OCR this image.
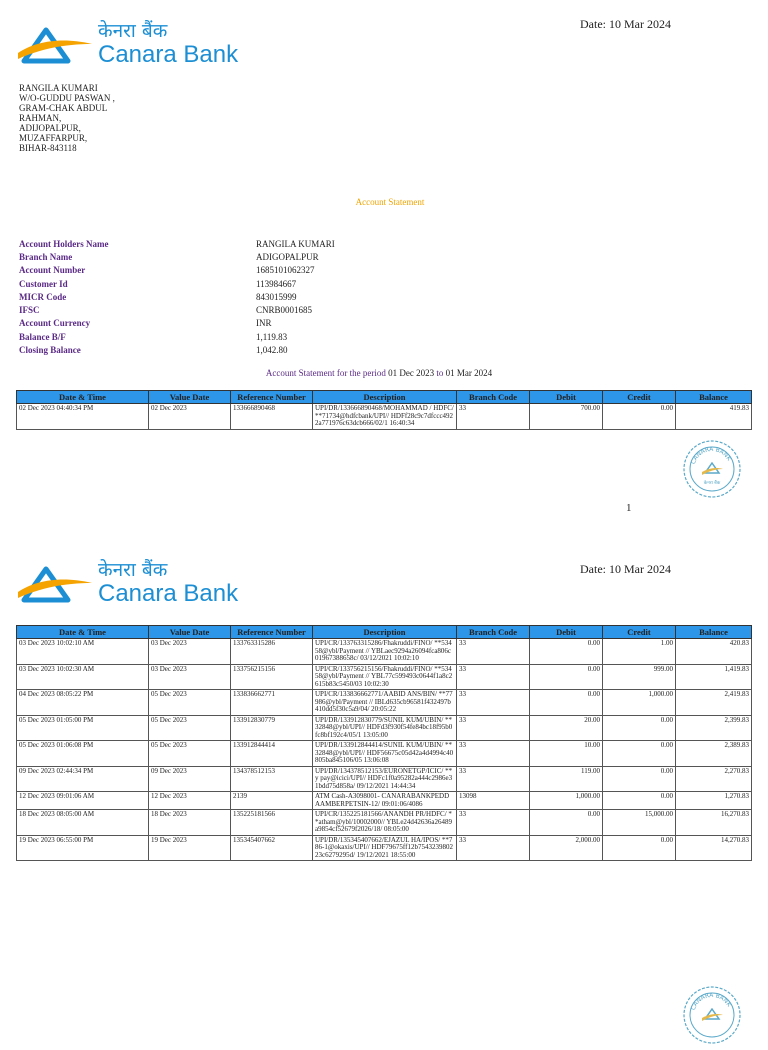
केनरा बैंक
Canara Bank
Date: 10 Mar 2024
RANGILA KUMARI
W/O-GUDDU PASWAN ,
GRAM-CHAK ABDUL
RAHMAN,
ADIJOPALPUR,
MUZAFFARPUR,
BIHAR-843118
Account Statement
Account Holders Name	RANGILA KUMARI
Branch Name	ADIGOPALPUR
Account Number	1685101062327
Customer Id	113984667
MICR Code	843015999
IFSC	CNRB0001685
Account Currency	INR
Balance B/F	1,119.83
Closing Balance	1,042.80
Account Statement for the period 01 Dec 2023 to 01 Mar 2024
Date & Time	Value Date	Reference Number	Description	Branch Code	Debit	Credit	Balance
02 Dec 2023 04:40:34 PM	02 Dec 2023	133666890468	UPI/DR/133666890468/MOHAMMAD / HDFC/**71734@hdfcbank/UPI// HDFf28c9c7dfccc4922a771976c63dcb666/02/1 16:40:34	33	700.00	0.00	419.83
CANARA BANK
केनरा बैंक
1
केनरा बैंक
Canara Bank
Date: 10 Mar 2024
Date & Time	Value Date	Reference Number	Description	Branch Code	Debit	Credit	Balance
03 Dec 2023 10:02:10 AM	03 Dec 2023	133763315286	UPI/CR/133763315286/Fhakruddi/FINO/ **53458@ybl/Payment // YBLaec9294a26094fca806c01967388658c/ 03/12/2021 10:02:10	33	0.00	1.00	420.83
03 Dec 2023 10:02:30 AM	03 Dec 2023	133756215156	UPI/CR/133756215156/Fhakruddi/FINO/ **53458@ybl/Payment // YBL77c599493c0644f1a8c2615b83c5450/03 10:02:30	33	0.00	999.00	1,419.83
04 Dec 2023 08:05:22 PM	05 Dec 2023	133836662771	UPI/CR/133836662771/AABID ANS/BIN/ **77986@ybl/Payment // IBLd635cb96581f432497b410dd5f30c5a9/04/ 20:05:22	33	0.00	1,000.00	2,419.83
05 Dec 2023 01:05:00 PM	05 Dec 2023	133912830779	UPI/DR/133912830779/SUNIL KUM/UBIN/ **32848@ybl/UPI// HDFd3f930f54fe84bc18f95b0fc8bf192c4/05/1 13:05:00	33	20.00	0.00	2,399.83
05 Dec 2023 01:06:08 PM	05 Dec 2023	133912844414	UPI/DR/133912844414/SUNIL KUM/UBIN/ **32848@ybl/UPI// HDF56675c05d42a4d4994c40805ba845106/05 13:06:08	33	10.00	0.00	2,389.83
09 Dec 2023 02:44:34 PM	09 Dec 2023	134378512153	UPI/DR/134378512153/EURONETGP/ICIC/ **y pay@icici/UPI// HDFc1f0a95282a444c2986e31bdd75d858a/ 09/12/2021 14:44:34	33	119.00	0.00	2,270.83
12 Dec 2023 09:01:06 AM	12 Dec 2023	2139	ATM Cash-A3098001- CANARABANKPEDDAAMBERPETSIN-12/ 09:01:06/4086	13098	1,000.00	0.00	1,270.83
18 Dec 2023 08:05:00 AM	18 Dec 2023	135225181566	UPI/CR/135225181566/ANANDH PR/HDFC/ **atham@ybl/10002000// YBLe24d42636a26489a9854cf52679f2026/18/ 08:05:00	33	0.00	15,000.00	16,270.83
19 Dec 2023 06:55:00 PM	19 Dec 2023	135345407662	UPI/DR/135345407662/EJAZUL HA/IPOS/ **786-1@okaxis/UPI// HDF79675ff12b754323980223c6279295d/ 19/12/2021 18:55:00	33	2,000.00	0.00	14,270.83
CANARA BANK
